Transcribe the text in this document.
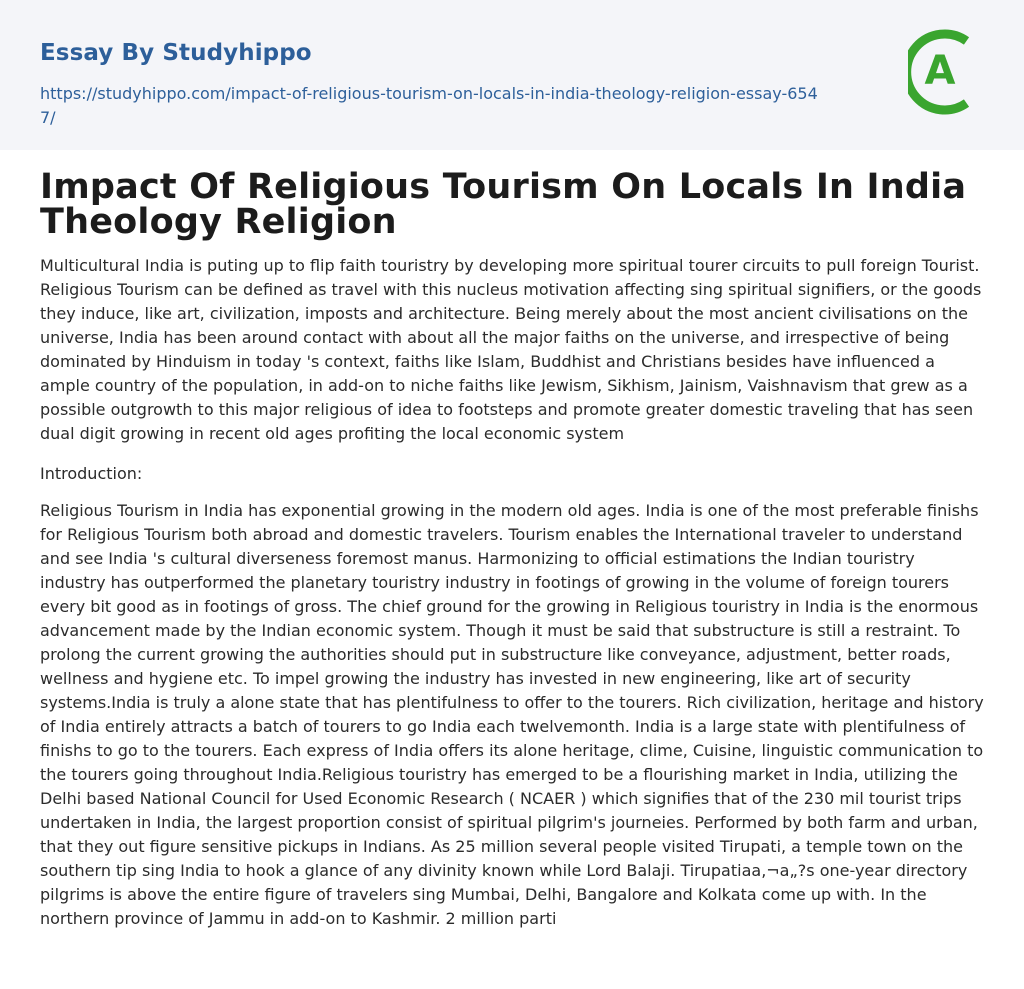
Essay By Studyhippo
https://studyhippo.com/impact-of-religious-tourism-on-locals-in-india-theology-religion-essay-6547/
A
Impact Of Religious Tourism On Locals In India Theology Religion

Multicultural India is puting up to flip faith touristry by developing more spiritual tourer circuits to pull foreign Tourist. Religious Tourism can be defined as travel with this nucleus motivation affecting sing spiritual signifiers, or the goods they induce, like art, civilization, imposts and architecture. Being merely about the most ancient civilisations on the universe, India has been around contact with about all the major faiths on the universe, and irrespective of being dominated by Hinduism in today 's context, faiths like Islam, Buddhist and Christians besides have influenced a ample country of the population, in add-on to niche faiths like Jewism, Sikhism, Jainism, Vaishnavism that grew as a possible outgrowth to this major religious of idea to footsteps and promote greater domestic traveling that has seen dual digit growing in recent old ages profiting the local economic system

Introduction:

Religious Tourism in India has exponential growing in the modern old ages. India is one of the most preferable finishs for Religious Tourism both abroad and domestic travelers. Tourism enables the International traveler to understand and see India 's cultural diverseness foremost manus. Harmonizing to official estimations the Indian touristry industry has outperformed the planetary touristry industry in footings of growing in the volume of foreign tourers every bit good as in footings of gross. The chief ground for the growing in Religious touristry in India is the enormous advancement made by the Indian economic system. Though it must be said that substructure is still a restraint. To prolong the current growing the authorities should put in substructure like conveyance, adjustment, better roads, wellness and hygiene etc. To impel growing the industry has invested in new engineering, like art of security systems.India is truly a alone state that has plentifulness to offer to the tourers. Rich civilization, heritage and history of India entirely attracts a batch of tourers to go India each twelvemonth. India is a large state with plentifulness of finishs to go to the tourers. Each express of India offers its alone heritage, clime, Cuisine, linguistic communication to the tourers going throughout India.Religious touristry has emerged to be a flourishing market in India, utilizing the Delhi based National Council for Used Economic Research ( NCAER ) which signifies that of the 230 mil tourist trips undertaken in India, the largest proportion consist of spiritual pilgrim's journeies. Performed by both farm and urban, that they out figure sensitive pickups in Indians. As 25 million several people visited Tirupati, a temple town on the southern tip sing India to hook a glance of any divinity known while Lord Balaji. Tirupatiaa,¬a„?s one-year directory pilgrims is above the entire figure of travelers sing Mumbai, Delhi, Bangalore and Kolkata come up with. In the northern province of Jammu in add-on to Kashmir. 2 million parti
